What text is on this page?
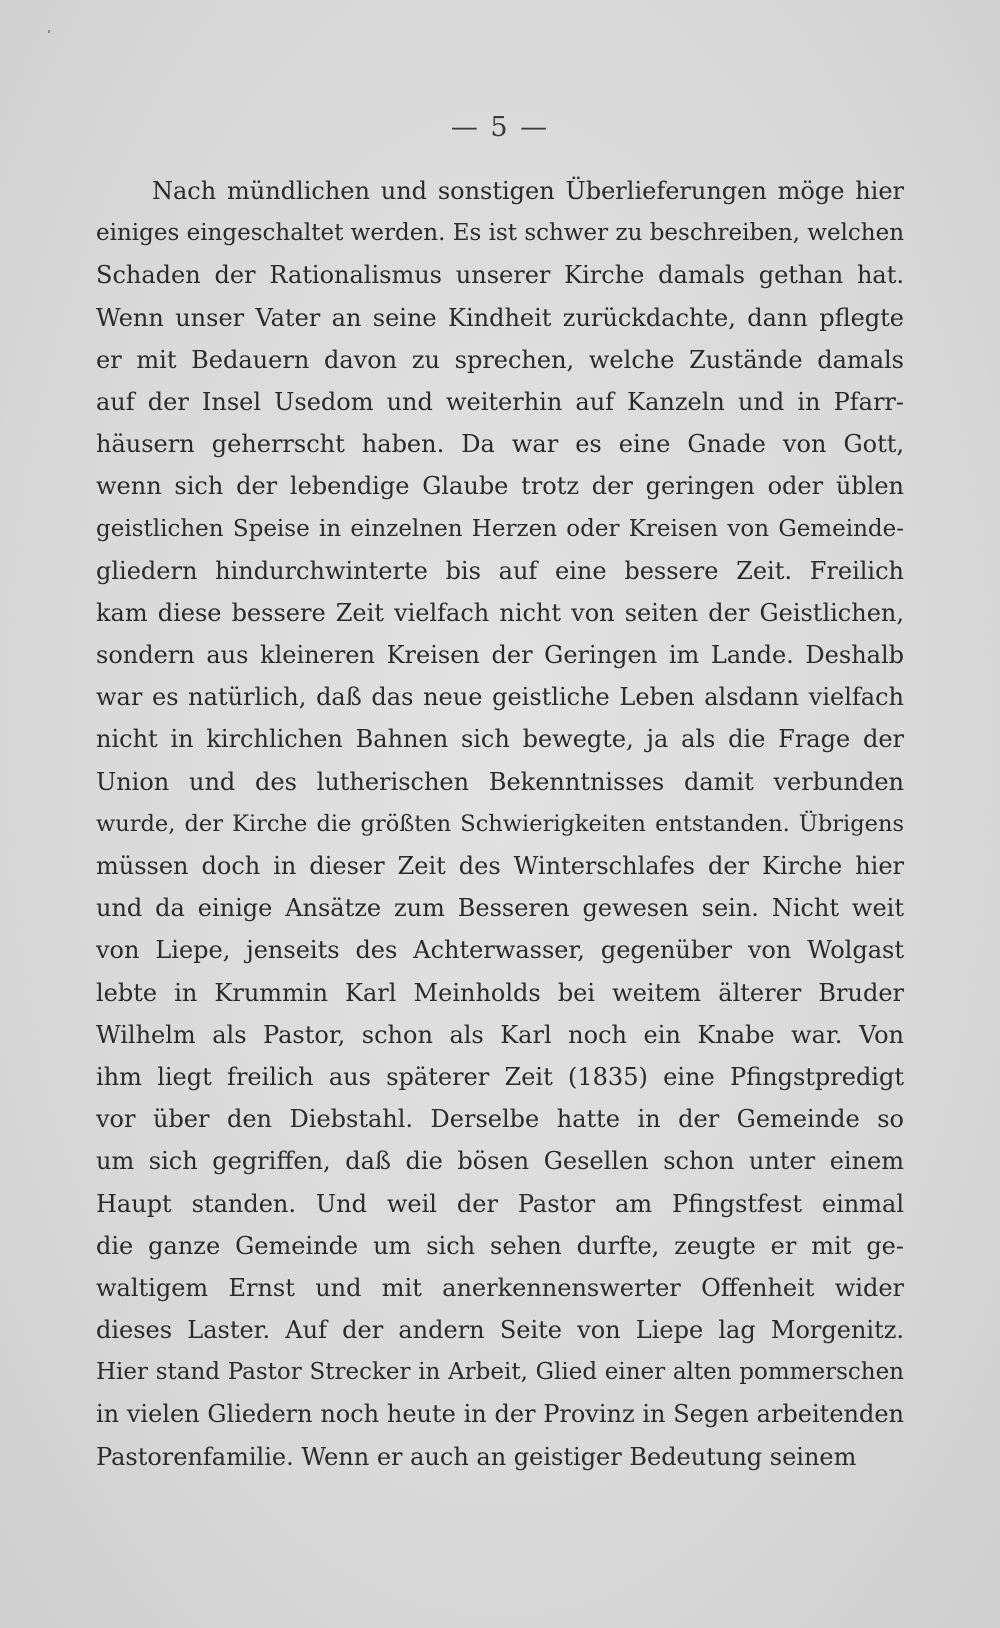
— 5 —
Nach mündlichen und sonstigen Überlieferungen möge hier
einiges eingeschaltet werden. Es ist schwer zu beschreiben, welchen
Schaden der Rationalismus unserer Kirche damals gethan hat.
Wenn unser Vater an seine Kindheit zurückdachte, dann pflegte
er mit Bedauern davon zu sprechen, welche Zustände damals
auf der Insel Usedom und weiterhin auf Kanzeln und in Pfarr-
häusern geherrscht haben. Da war es eine Gnade von Gott,
wenn sich der lebendige Glaube trotz der geringen oder üblen
geistlichen Speise in einzelnen Herzen oder Kreisen von Gemeinde-
gliedern hindurchwinterte bis auf eine bessere Zeit. Freilich
kam diese bessere Zeit vielfach nicht von seiten der Geistlichen,
sondern aus kleineren Kreisen der Geringen im Lande. Deshalb
war es natürlich, daß das neue geistliche Leben alsdann vielfach
nicht in kirchlichen Bahnen sich bewegte, ja als die Frage der
Union und des lutherischen Bekenntnisses damit verbunden
wurde, der Kirche die größten Schwierigkeiten entstanden. Übrigens
müssen doch in dieser Zeit des Winterschlafes der Kirche hier
und da einige Ansätze zum Besseren gewesen sein. Nicht weit
von Liepe, jenseits des Achterwasser, gegenüber von Wolgast
lebte in Krummin Karl Meinholds bei weitem älterer Bruder
Wilhelm als Pastor, schon als Karl noch ein Knabe war. Von
ihm liegt freilich aus späterer Zeit (1835) eine Pfingstpredigt
vor über den Diebstahl. Derselbe hatte in der Gemeinde so
um sich gegriffen, daß die bösen Gesellen schon unter einem
Haupt standen. Und weil der Pastor am Pfingstfest einmal
die ganze Gemeinde um sich sehen durfte, zeugte er mit ge-
waltigem Ernst und mit anerkennenswerter Offenheit wider
dieses Laster. Auf der andern Seite von Liepe lag Morgenitz.
Hier stand Pastor Strecker in Arbeit, Glied einer alten pommerschen
in vielen Gliedern noch heute in der Provinz in Segen arbeitenden
Pastorenfamilie. Wenn er auch an geistiger Bedeutung seinem
